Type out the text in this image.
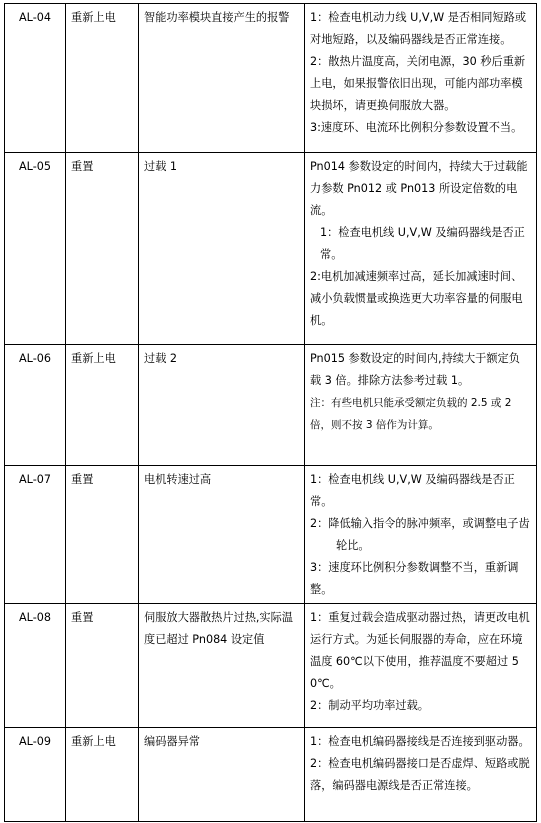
AL-04	重新上电	智能功率模块直接产生的报警	1：检查电机动力线 U,V,W 是否相同短路或对地短路，以及编码器线是否正常连接。

2：散热片温度高，关闭电源，30 秒后重新上电，如果报警依旧出现，可能内部功率模块损坏，请更换伺服放大器。

3:速度环、电流环比例积分参数设置不当。

AL-05	重置	过载 1	Pn014 参数设定的时间内，持续大于过载能力参数 Pn012 或 Pn013 所设定倍数的电流。

1：检查电机线 U,V,W 及编码器线是否正常。

2:电机加减速频率过高，延长加减速时间、减小负载惯量或换选更大功率容量的伺服电机。

AL-06	重新上电	过载 2	Pn015 参数设定的时间内,持续大于额定负载 3 倍。排除方法参考过载 1。

注：有些电机只能承受额定负载的 2.5 或 2 倍，则不按 3 倍作为计算。

AL-07	重置	电机转速过高	1：检查电机线 U,V,W 及编码器线是否正常。

2：降低输入指令的脉冲频率，或调整电子齿轮比。

3：速度环比例积分参数调整不当，重新调整。

AL-08	重置	伺服放大器散热片过热,实际温度已超过 Pn084 设定值	1：重复过载会造成驱动器过热，请更改电机运行方式。为延长伺服器的寿命，应在环境温度 60℃以下使用，推荐温度不要超过 50℃。

2：制动平均功率过载。

AL-09	重新上电	编码器异常	1：检查电机编码器接线是否连接到驱动器。

2：检查电机编码器接口是否虚焊、短路或脱落，编码器电源线是否正常连接。
